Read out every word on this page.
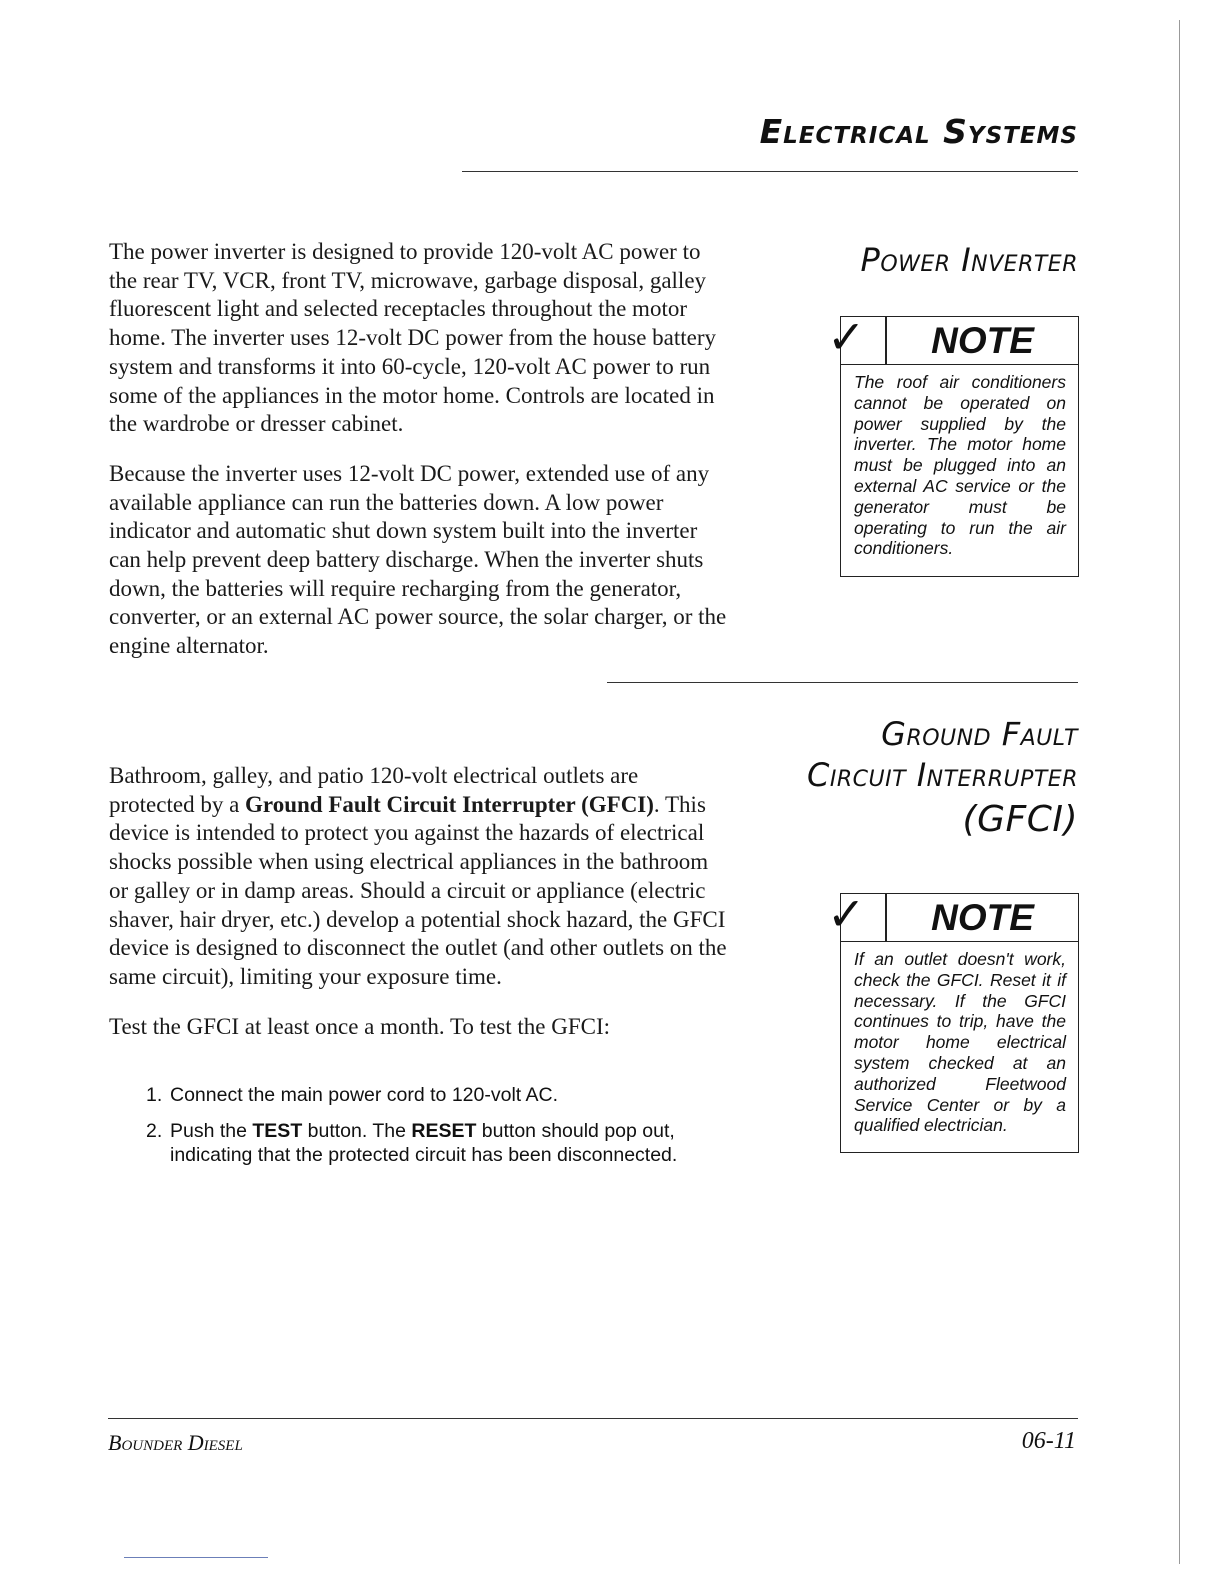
Electrical Systems

The power inverter is designed to provide 120-volt AC power to the rear TV, VCR, front TV, microwave, garbage disposal, galley fluorescent light and selected receptacles throughout the motor home. The inverter uses 12-volt DC power from the house battery system and transforms it into 60-cycle, 120-volt AC power to run some of the appliances in the motor home. Controls are located in the wardrobe or dresser cabinet.

Because the inverter uses 12-volt DC power, extended use of any available appliance can run the batteries down. A low power indicator and automatic shut down system built into the inverter can help prevent deep battery discharge. When the inverter shuts down, the batteries will require recharging from the generator, converter, or an external AC power source, the solar charger, or the engine alternator.

Power Inverter
✓	NOTE
The roof air conditioners cannot be operated on power supplied by the inverter. The motor home must be plugged into an external AC service or the generator must be operating to run the air conditioners.
Ground Fault
Circuit Interrupter
(GFCI)

Bathroom, galley, and patio 120-volt electrical outlets are protected by a Ground Fault Circuit Interrupter (GFCI). This device is intended to protect you against the hazards of electrical shocks possible when using electrical appliances in the bathroom or galley or in damp areas. Should a circuit or appliance (electric shaver, hair dryer, etc.) develop a potential shock hazard, the GFCI device is designed to disconnect the outlet (and other outlets on the same circuit), limiting your exposure time.

Test the GFCI at least once a month. To test the GFCI:

1. Connect the main power cord to 120-volt AC.
2. Push the TEST button. The RESET button should pop out, indicating that the protected circuit has been disconnected.
✓	NOTE
If an outlet doesn't work, check the GFCI. Reset it if necessary. If the GFCI continues to trip, have the motor home electrical system checked at an authorized Fleetwood Service Center or by a qualified electrician.
Bounder Diesel	06-11
